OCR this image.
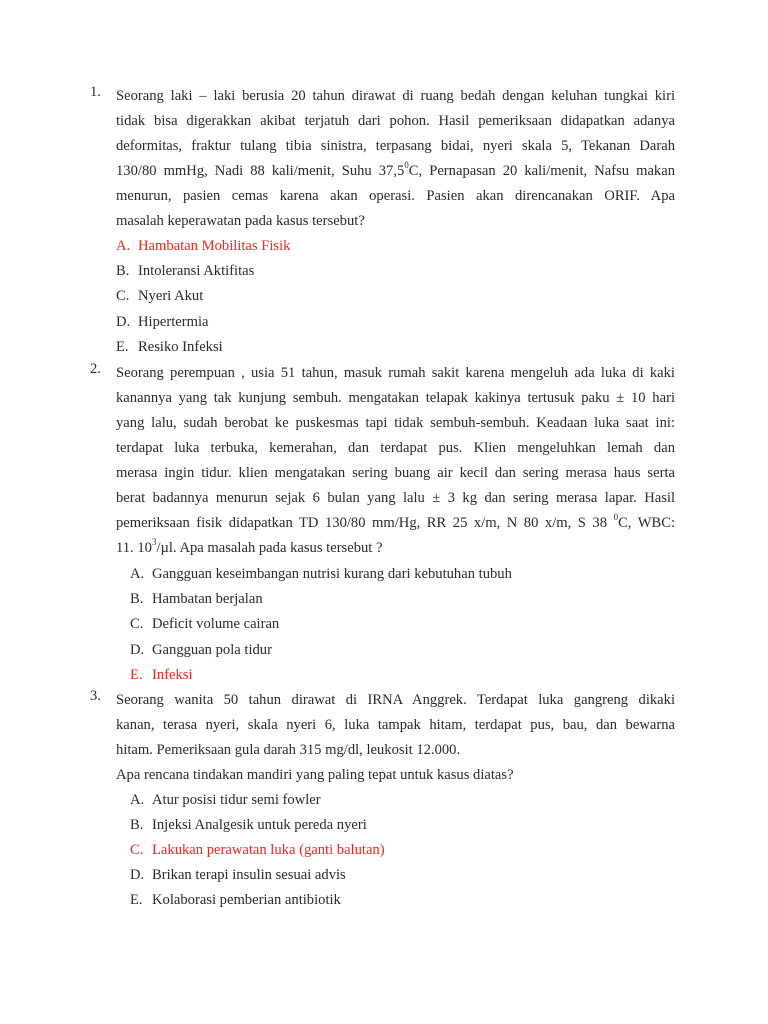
1.	Seorang laki – laki berusia 20 tahun dirawat di ruang bedah dengan keluhan tungkai kiri
tidak bisa digerakkan akibat terjatuh dari pohon. Hasil pemeriksaan didapatkan adanya
deformitas, fraktur tulang tibia sinistra, terpasang bidai, nyeri skala 5, Tekanan Darah
130/80 mmHg, Nadi 88 kali/menit, Suhu 37,5$^0$C, Pernapasan 20 kali/menit, Nafsu makan
menurun, pasien cemas karena akan operasi. Pasien akan direncanakan ORIF. Apa
masalah keperawatan pada kasus tersebut?
A. Hambatan Mobilitas Fisik
B. Intoleransi Aktifitas
C. Nyeri Akut
D. Hipertermia
E. Resiko Infeksi
2.	Seorang perempuan , usia 51 tahun, masuk rumah sakit karena mengeluh ada luka di kaki
kanannya yang tak kunjung sembuh. mengatakan telapak kakinya tertusuk paku ± 10 hari
yang lalu, sudah berobat ke puskesmas tapi tidak sembuh-sembuh. Keadaan luka saat ini:
terdapat luka terbuka, kemerahan, dan terdapat pus. Klien mengeluhkan lemah dan
merasa ingin tidur. klien mengatakan sering buang air kecil dan sering merasa haus serta
berat badannya menurun sejak 6 bulan yang lalu ± 3 kg dan sering merasa lapar. Hasil
pemeriksaan fisik didapatkan TD 130/80 mm/Hg, RR 25 x/m, N 80 x/m, S 38 $^0$C, WBC:
11. $10^3/\mu l$. Apa masalah pada kasus tersebut ?
A. Gangguan keseimbangan nutrisi kurang dari kebutuhan tubuh
B. Hambatan berjalan
C. Deficit volume cairan
D. Gangguan pola tidur
E. Infeksi
3.	Seorang wanita 50 tahun dirawat di IRNA Anggrek. Terdapat luka gangreng dikaki
kanan, terasa nyeri, skala nyeri 6, luka tampak hitam, terdapat pus, bau, dan bewarna
hitam. Pemeriksaan gula darah 315 mg/dl, leukosit 12.000.
Apa rencana tindakan mandiri yang paling tepat untuk kasus diatas?
A. Atur posisi tidur semi fowler
B. Injeksi Analgesik untuk pereda nyeri
C. Lakukan perawatan luka (ganti balutan)
D. Brikan terapi insulin sesuai advis
E. Kolaborasi pemberian antibiotik
